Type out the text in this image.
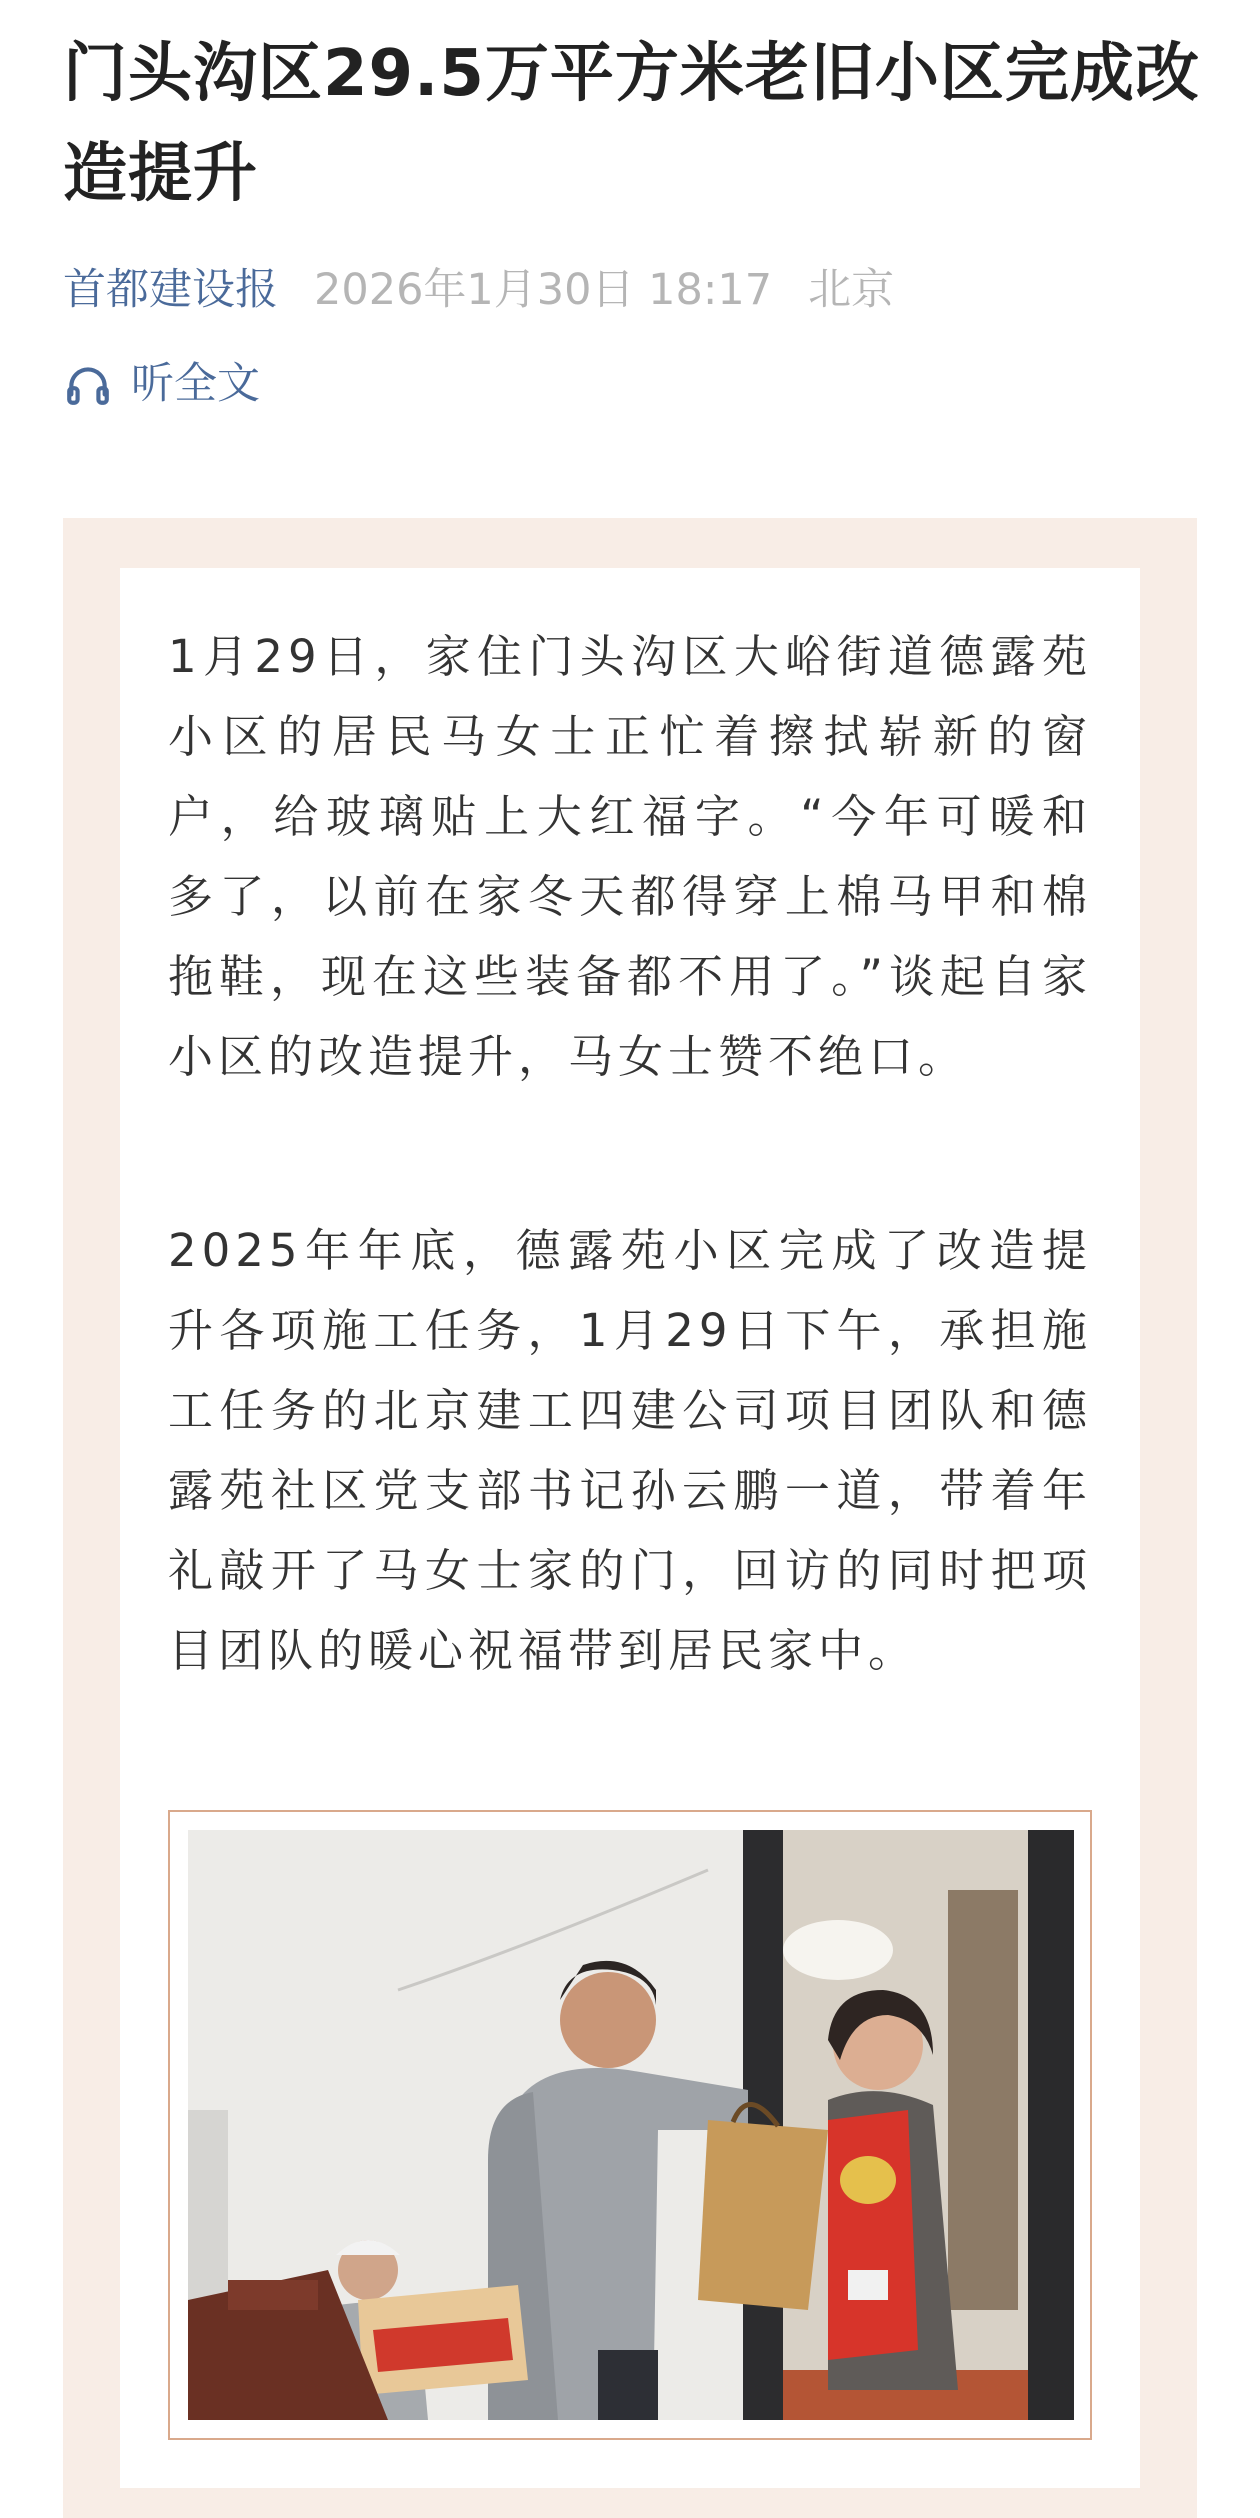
门头沟区29.5万平方米老旧小区完成改造提升
首都建设报 2026年1月30日 18:17 北京
听全文

1月29日，家住门头沟区大峪街道德露苑小区的居民马女士正忙着擦拭崭新的窗户，给玻璃贴上大红福字。“今年可暖和多了，以前在家冬天都得穿上棉马甲和棉拖鞋，现在这些装备都不用了。”谈起自家小区的改造提升，马女士赞不绝口。

2025年年底，德露苑小区完成了改造提升各项施工任务，1月29日下午，承担施工任务的北京建工四建公司项目团队和德露苑社区党支部书记孙云鹏一道，带着年礼敲开了马女士家的门，回访的同时把项目团队的暖心祝福带到居民家中。
